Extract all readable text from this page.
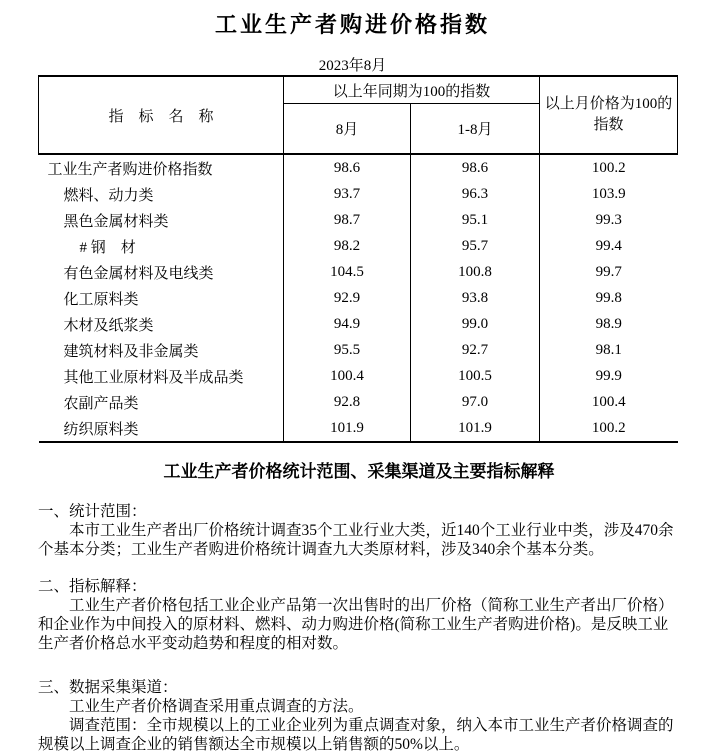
工业生产者购进价格指数
2023年8月
指　标　名　称	以上年同期为100的指数		以上月价格为100的指数
	8月	1-8月	
工业生产者购进价格指数	98.6	98.6	100.2
燃料、动力类	93.7	96.3	103.9
黑色金属材料类	98.7	95.1	99.3
# 钢　材	98.2	95.7	99.4
有色金属材料及电线类	104.5	100.8	99.7
化工原料类	92.9	93.8	99.8
木材及纸浆类	94.9	99.0	98.9
建筑材料及非金属类	95.5	92.7	98.1
其他工业原材料及半成品类	100.4	100.5	99.9
农副产品类	92.8	97.0	100.4
纺织原料类	101.9	101.9	100.2
工业生产者价格统计范围、采集渠道及主要指标解释
一、统计范围：

本市工业生产者出厂价格统计调查35个工业行业大类，近140个工业行业中类，涉及470余个基本分类；工业生产者购进价格统计调查九大类原材料，涉及340余个基本分类。

二、指标解释：

工业生产者价格包括工业企业产品第一次出售时的出厂价格（简称工业生产者出厂价格）和企业作为中间投入的原材料、燃料、动力购进价格(简称工业生产者购进价格)。是反映工业生产者价格总水平变动趋势和程度的相对数。

三、数据采集渠道：

工业生产者价格调查采用重点调查的方法。

调查范围：全市规模以上的工业企业列为重点调查对象，纳入本市工业生产者价格调查的规模以上调查企业的销售额达全市规模以上销售额的50%以上。
